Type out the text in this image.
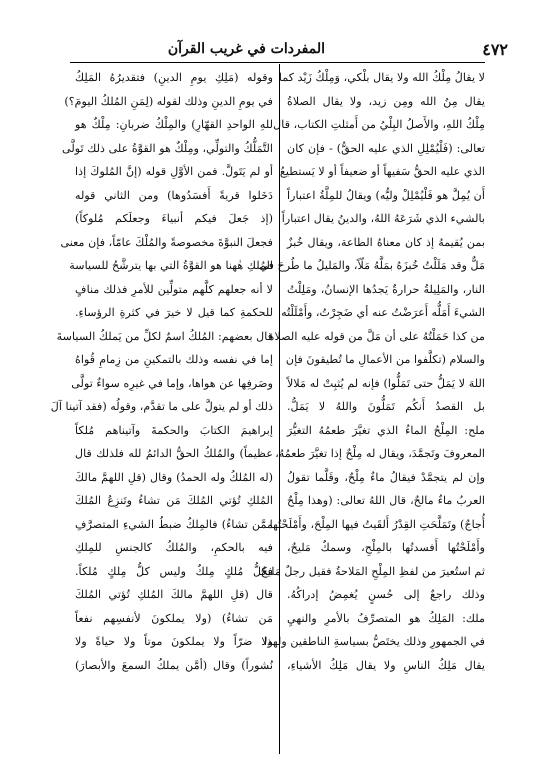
٤٧٢
المفردات في غريب القرآن
لا يقالُ مِلْكُ الله ولا يقال بلْكي، وَمِلْكُ زَيْد كما
يقال مِنُ الله ومِن زيد، ولا يقال الصلاةُ
مِلْكُ اللهِ، والأَصلُ البِلْيُ من أَمثلتِ الكتاب، قال
تعالى: (فَلْيُمْلِلِ الذي عليه الحقُّ) - فإن كان
الذي عليه الحقُّ سَفيهاً أو ضعيفاً أو لا يَستطيعُ
أَن يُمِلَّ هو فَلْيُمْلِلْ وليُّه) ويقالُ للمِلَّةُ اعتباراً
بالشيء الذي شَرَعَهُ اللهُ، والدينُ يقال اعتباراً
بمن يُقيمهُ إذ كان معناهُ الطاعة، ويقال خُبزٌ
مَلٌّ وقد مَلَلْتُ خُبزَهُ بمَلَّهُ مَلّاً، والمَليلُ ما طُرحَ في
النار، والمَلِيلةُ حرارةٌ يَجدُها الإنسانُ، ومَلِلْتُ
الشيءَ أَمَلُّه أَعرَضْتُ عنه أي ضَجِرْتُ، وأَمْلَلْتُه
من كذا حَمَلْتُهُ على أن مَلَّ من قوله عليه الصلاة
والسلام (تكلَّفوا من الأعمالِ ما تُطيقونَ فإن
اللهَ لا يَمَلُّ حتى تَمَلُّوا) فإنه لم يُثبِتْ له مَلالاً
بل القصدُ أَنكُم تَمَلُّونَ واللهُ لا يَمَلُّ.
ملح: المِلْحُ الماءُ الذي تغيَّرَ طعمُهُ التغيُّرَ
المعروفَ وتَجمَّدَ، ويقال له مِلْحٌ إذا تغيَّرَ طعمُهُ،
وإن لم يتجمَّدْ فيقالُ ماءٌ مِلْحٌ، وقَلَّما تقولُ
العربُ ماءٌ مالحٌ، قال اللهُ تعالى: (وهذا مِلْحٌ
أُجاجٌ) وتَمَلَّحَتِ القِدْرُ أَلقَيتُ فيها المِلْحَ، وأَمْلَحْتُها
وأَمْلَحْتُها أَفسدتُها بالمِلْحِ، وسمكٌ مَليحٌ،
ثم استُعيرَ من لفظِ المِلْحِ المَلاحةُ فقيل رجلٌ مَليحٌ
وذلك راجعٌ إلى حُسنٍ يُغمِضُ إدراكُهُ.
ملك: المَلِكُ هو المتصرِّفُ بالأمرِ والنهيِ
في الجمهورِ وذلك يختَصُّ بسياسةِ الناطقين ولهذا
يقال مَلِكُ الناسِ ولا يقال مَلِكُ الأشياءِ،
وقوله (مَلِكِ يومِ الدينِ) فتقديرُهُ المَلِكُ
في يومِ الدينِ وذلك لقوله (لِمَنِ المُلكُ اليومَ؟)
للهِ الواحدِ القهّارِ) والمِلْكُ ضربانِ: مِلْكٌ هو
التَّمَلُّكُ والتولِّي، ومِلْكٌ هو القوَّةُ على ذلك تَولَّى
أو لم يَتَولَّ. فمن الأوَّلِ قوله (إنَّ المُلوكَ إذا
دَخَلوا قريةً أَفسَدُوها) ومن الثاني قوله
(إذ جَعلَ فيكم أنبياءَ وجعلَكم مُلوكاً)
فجعلَ النبوَّةَ مخصوصةً والمُلْكَ عامّاً، فإن معنى
المُلكِ هٰهنا هو القوَّةُ التي بها يترشَّحُ للسياسة
لا أنه جعلهم كلَّهم متولِّين للأمرِ فذلك منافٍ
للحكمةِ كما قيل لا خيرَ في كثرةِ الرؤساءِ.
قال بعضهم: المُلكُ اسمٌ لكلِّ من يَملكُ السياسةَ
إما في نفسه وذلك بالتمكينِ من زِمامِ قُواهُ
وصَرفِها عن هواها، وإما في غيرِه سواءٌ تولَّى
ذلك أو لم يتولَّ على ما تقدَّم، وقولُه (فقد آتينا آلَ
إبراهيمَ الكتابَ والحكمةَ وآتيناهم مُلكاً
عظيماً) والمُلكُ الحقُّ الدائمُ لله فلذلك قال
(له المُلكُ وله الحمدُ) وقال (قلِ اللهمَّ مالكَ
المُلكِ تُؤتي المُلكَ مَن تشاءُ وتَنزِعُ المُلكَ
ممَّن تشاءُ) فالمِلكُ ضبطُ الشيءِ المتصرَّفِ
فيه بالحكمِ، والمُلكُ كالجنسِ للمِلكِ
فكلُّ مُلكٍ مِلكٌ وليس كلُّ مِلكٍ مُلكاً.
قال (قلِ اللهمَّ مالكَ المُلكِ تُؤتي المُلكَ
مَن تشاءُ) (ولا يملكونَ لأنفسِهم نفعاً
ولا ضرّاً ولا يملكونَ موتاً ولا حياةً ولا
نُشوراً) وقال (أمَّن يملكُ السمعَ والأبصارَ)
